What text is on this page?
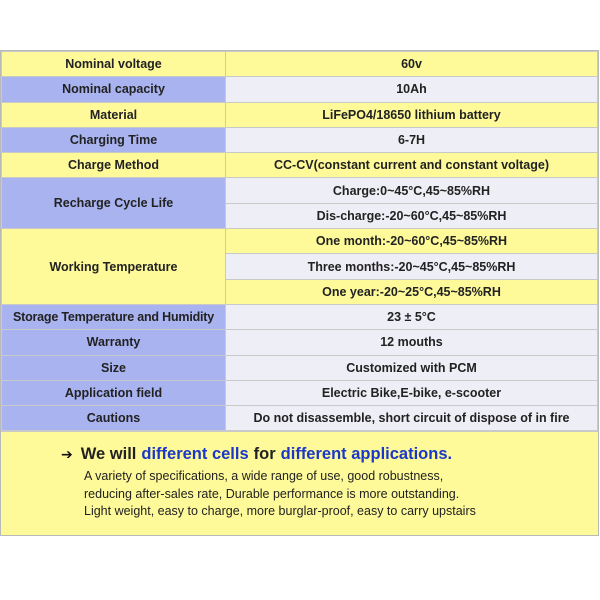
Nominal voltage	60v
Nominal capacity	10Ah
Material	LiFePO4/18650 lithium battery
Charging Time	6-7H
Charge Method	CC-CV(constant current and constant voltage)
Recharge Cycle Life	Charge:0~45°C,45~85%RH
	Dis-charge:-20~60°C,45~85%RH
Working Temperature	One month:-20~60°C,45~85%RH
	Three months:-20~45°C,45~85%RH
	One year:-20~25°C,45~85%RH
Storage Temperature and Humidity	23 ± 5°C
Warranty	12 mouths
Size	Customized with PCM
Application field	Electric Bike,E-bike, e-scooter
Cautions	Do not disassemble, short circuit of dispose of in fire
➔ We will different cells for different applications .
A variety of specifications, a wide range of use, good robustness,
reducing after-sales rate, Durable performance is more outstanding.
Light weight, easy to charge, more burglar-proof, easy to carry upstairs
